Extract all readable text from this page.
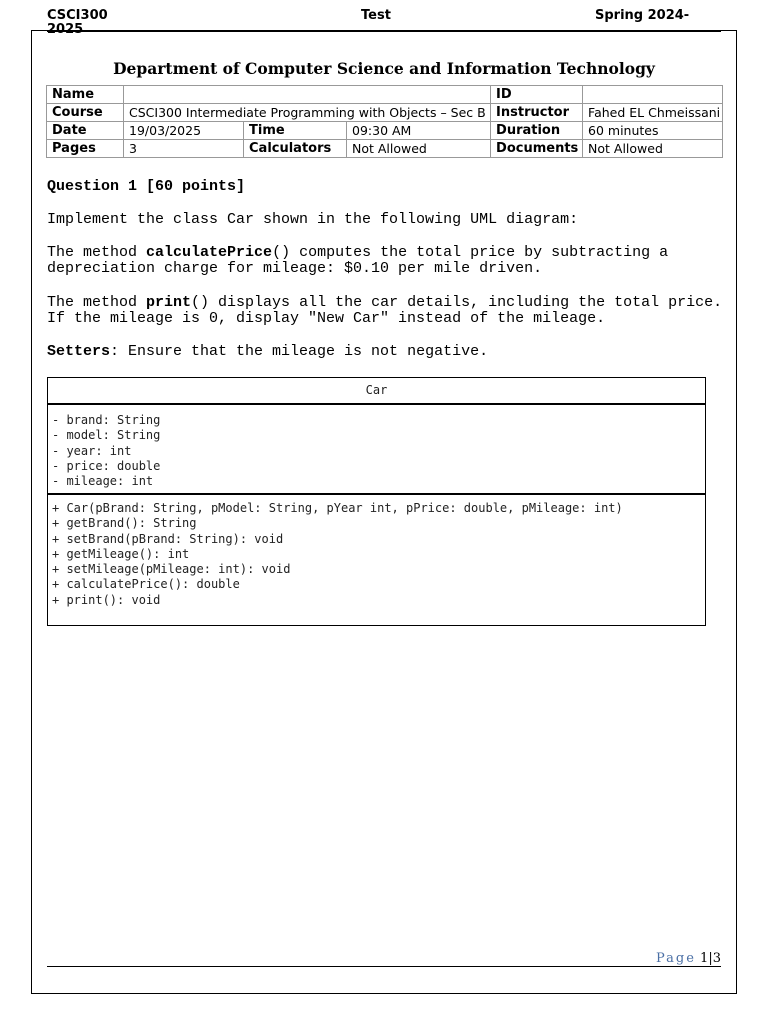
CSCI300 2025
Test	Spring 2024-
Department of Computer Science and Information Technology
Name				ID	
Course	CSCI300 Intermediate Programming with Objects – Sec B			Instructor	Fahed EL Chmeissani
Date	19/03/2025	Time	09:30 AM	Duration	60 minutes
Pages	3	Calculators	Not Allowed	Documents	Not Allowed
Question 1 [60 points]
Implement the class Car shown in the following UML diagram:
The method calculatePrice() computes the total price by subtracting a depreciation charge for mileage: $0.10 per mile driven.
The method print() displays all the car details, including the total price. If the mileage is 0, display "New Car" instead of the mileage.
Setters: Ensure that the mileage is not negative.
Car
- brand: String
- model: String
- year: int
- price: double
- mileage: int
+ Car(pBrand: String, pModel: String, pYear int, pPrice: double, pMileage: int)
+ getBrand(): String
+ setBrand(pBrand: String): void
+ getMileage(): int
+ setMileage(pMileage: int): void
+ calculatePrice(): double
+ print(): void
Page 1|3
